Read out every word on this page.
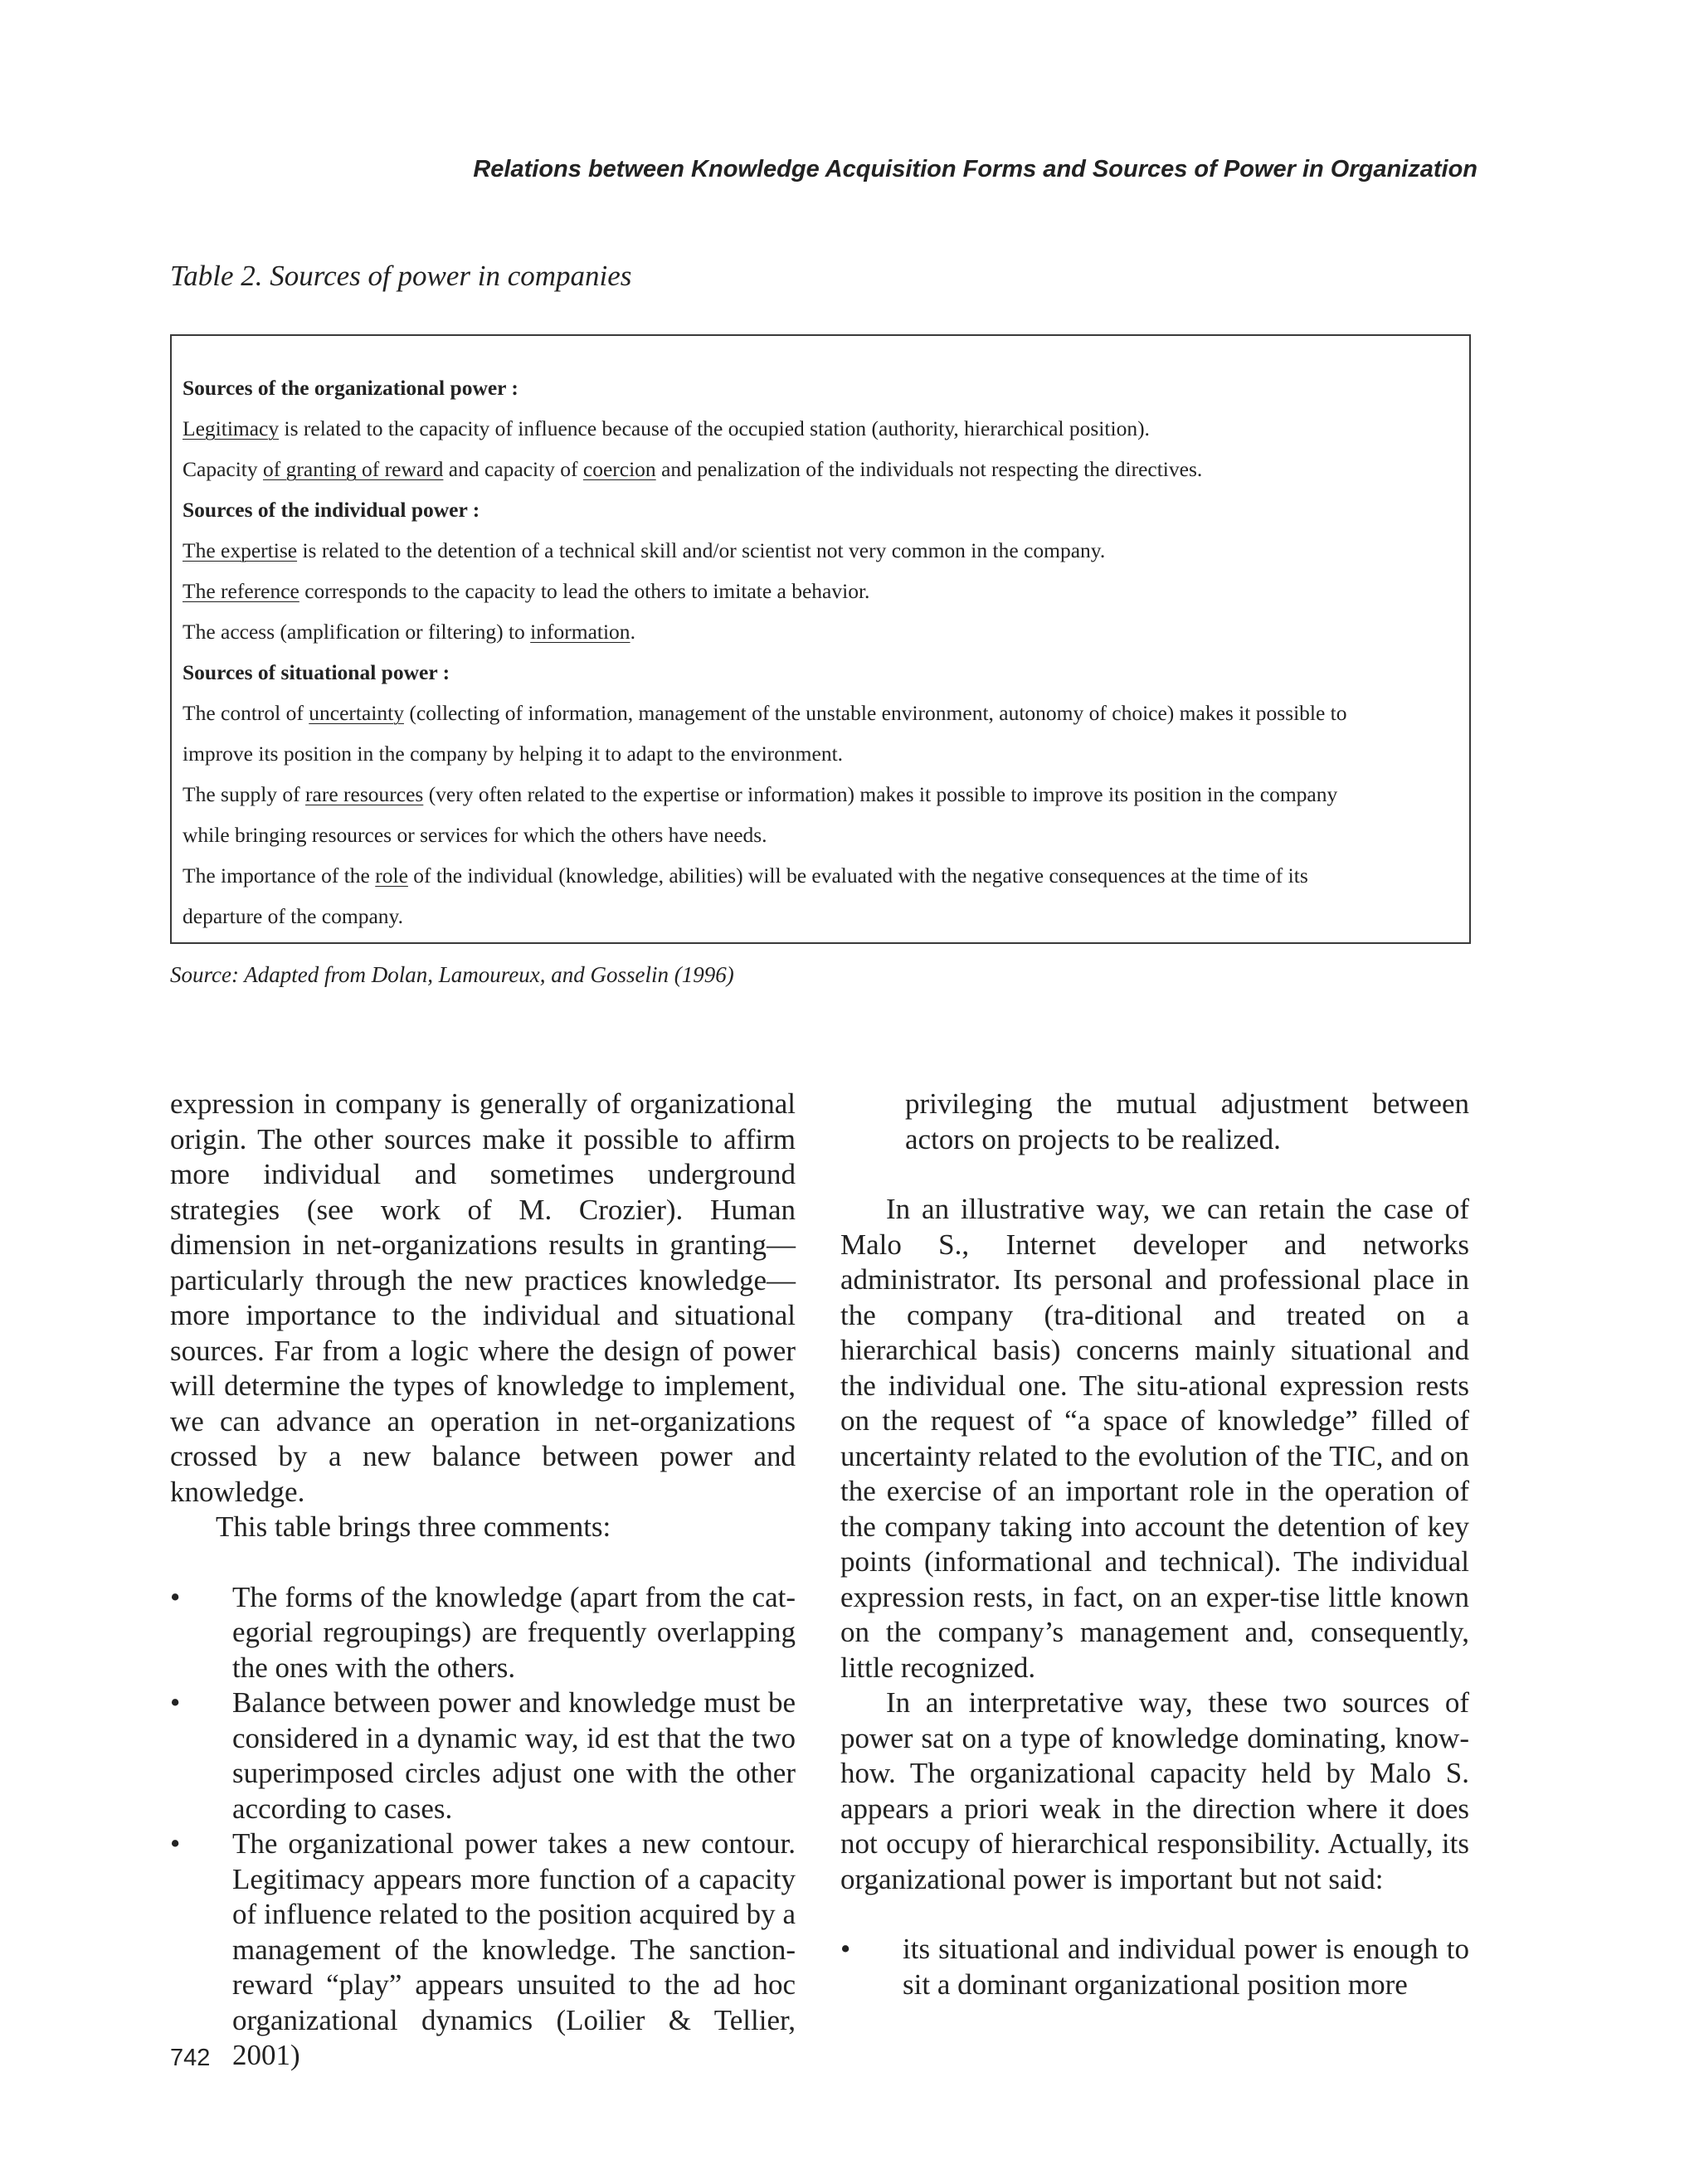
Relations between Knowledge Acquisition Forms and Sources of Power in Organization
Table 2. Sources of power in companies

Sources of the organizational power :

Legitimacy is related to the capacity of influence because of the occupied station (authority, hierarchical position).

Capacity of granting of reward and capacity of coercion and penalization of the individuals not respecting the directives.

Sources of the individual power :

The expertise is related to the detention of a technical skill and/or scientist not very common in the company.

The reference corresponds to the capacity to lead the others to imitate a behavior.

The access (amplification or filtering) to information.

Sources of situational power :

The control of uncertainty (collecting of information, management of the unstable environment, autonomy of choice) makes it possible to

improve its position in the company by helping it to adapt to the environment.

The supply of rare resources (very often related to the expertise or information) makes it possible to improve its position in the company

while bringing resources or services for which the others have needs.

The importance of the role of the individual (knowledge, abilities) will be evaluated with the negative consequences at the time of its

departure of the company.

Source: Adapted from Dolan, Lamoureux, and Gosselin (1996)

expression in company is generally of organizational origin. The other sources make it possible to affirm more individual and sometimes underground strategies (see work of M. Crozier). Human dimension in net-organizations results in granting—particularly through the new practices knowledge—more importance to the individual and situational sources. Far from a logic where the design of power will determine the types of knowledge to implement, we can advance an operation in net-organizations crossed by a new balance between power and knowledge.

This table brings three comments:

• The forms of the knowledge (apart from the cat-egorial regroupings) are frequently overlapping the ones with the others.
• Balance between power and knowledge must be considered in a dynamic way, id est that the two superimposed circles adjust one with the other according to cases.
• The organizational power takes a new contour. Legitimacy appears more function of a capacity of influence related to the position acquired by a management of the knowledge. The sanction-reward “play” appears unsuited to the ad hoc organizational dynamics (Loilier & Tellier, 2001)

privileging the mutual adjustment between actors on projects to be realized.

In an illustrative way, we can retain the case of Malo S., Internet developer and networks administrator. Its personal and professional place in the company (tra-ditional and treated on a hierarchical basis) concerns mainly situational and the individual one. The situ-ational expression rests on the request of “a space of knowledge” filled of uncertainty related to the evolution of the TIC, and on the exercise of an important role in the operation of the company taking into account the detention of key points (informational and technical). The individual expression rests, in fact, on an exper-tise little known on the company’s management and, consequently, little recognized.

In an interpretative way, these two sources of power sat on a type of knowledge dominating, know-how. The organizational capacity held by Malo S. appears a priori weak in the direction where it does not occupy of hierarchical responsibility. Actually, its organizational power is important but not said:

• its situational and individual power is enough to sit a dominant organizational position more
742
